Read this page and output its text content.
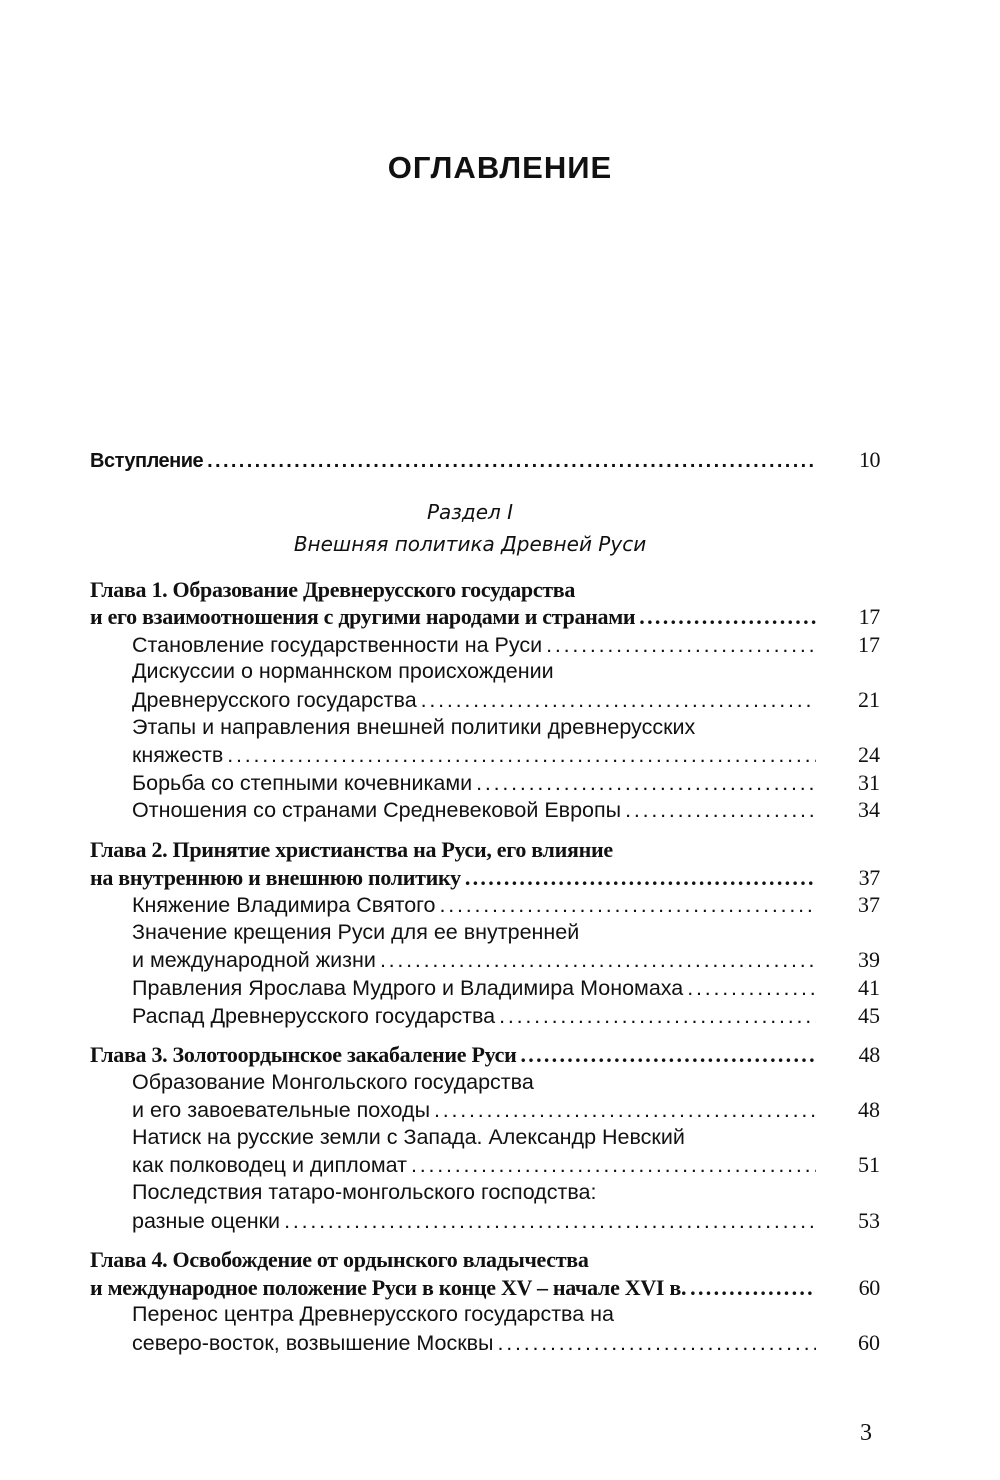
ОГЛАВЛЕНИЕ
Вступление . . .	10
Раздел I
Внешняя политика Древней Руси
Глава 1. Образование Древнерусского государства
и его взаимоотношения с другими народами и странами . . .	17
Становление государственности на Руси . . .	17
Дискуссии о норманнском происхождении
Древнерусского государства . . .	21
Этапы и направления внешней политики древнерусских
княжеств . . .	24
Борьба со степными кочевниками . . .	31
Отношения со странами Средневековой Европы . . .	34
Глава 2. Принятие христианства на Руси, его влияние
на внутреннюю и внешнюю политику . . .	37
Княжение Владимира Святого . . .	37
Значение крещения Руси для ее внутренней
и международной жизни . . .	39
Правления Ярослава Мудрого и Владимира Мономаха . . .	41
Распад Древнерусского государства . . .	45
Глава 3. Золотоордынское закабаление Руси . . .	48
Образование Монгольского государства
и его завоевательные походы . . .	48
Натиск на русские земли с Запада. Александр Невский
как полководец и дипломат . . .	51
Последствия татаро-монгольского господства:
разные оценки . . .	53
Глава 4. Освобождение от ордынского владычества
и международное положение Руси в конце XV – начале XVI в. . . .	60
Перенос центра Древнерусского государства на
северо-восток, возвышение Москвы . . .	60
3
